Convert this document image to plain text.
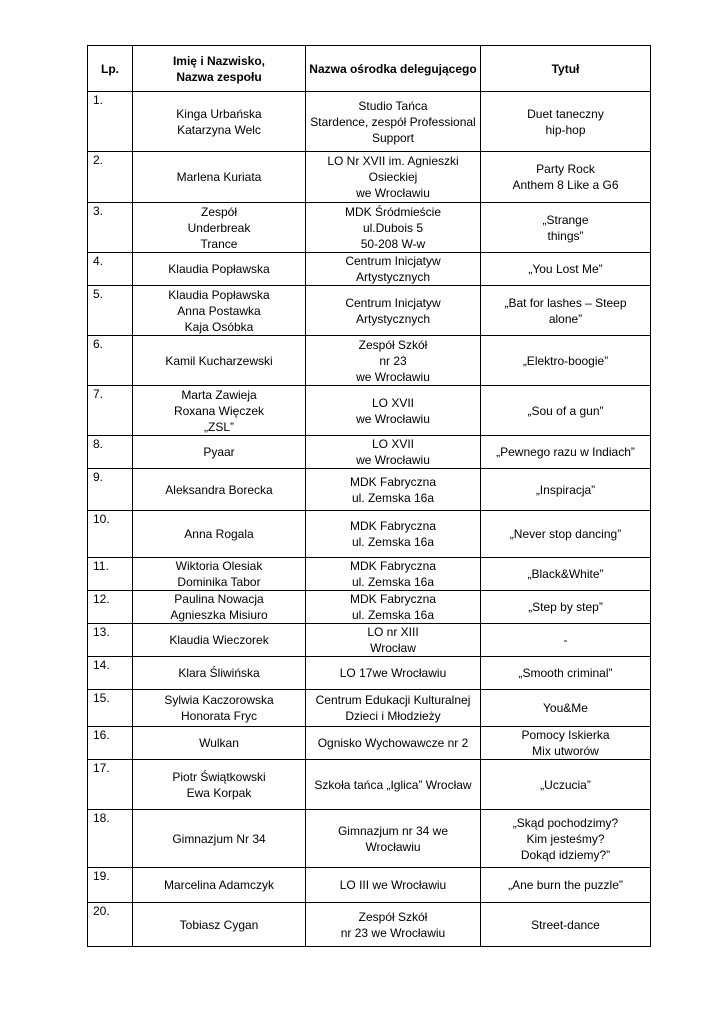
Lp.	Imię i Nazwisko,
Nazwa zespołu	Nazwa ośrodka delegującego	Tytuł
1.	Kinga Urbańska
Katarzyna Welc	Studio Tańca
Stardence, zespół Professional
Support	Duet taneczny
hip-hop
2.	Marlena Kuriata	LO Nr XVII im. Agnieszki
Osieckiej
we Wrocławiu	Party Rock
Anthem 8 Like a G6
3.	Zespół
Underbreak
Trance	MDK Śródmieście
ul.Dubois 5
50-208 W-w	„Strange
things”
4.	Klaudia Popławska	Centrum Inicjatyw
Artystycznych	„You Lost Me”
5.	Klaudia Popławska
Anna Postawka
Kaja Osóbka	Centrum Inicjatyw
Artystycznych	„Bat for lashes – Steep
alone”
6.	Kamil Kucharzewski	Zespół Szkół
nr 23
we Wrocławiu	„Elektro-boogie”
7.	Marta Zawieja
Roxana Więczek
„ZSL”	LO XVII
we Wrocławiu	„Sou of a gun”
8.	Pyaar	LO XVII
we Wrocławiu	„Pewnego razu w Indiach”
9.	Aleksandra Borecka	MDK Fabryczna
ul. Zemska 16a	„Inspiracja”
10.	Anna Rogala	MDK Fabryczna
ul. Zemska 16a	„Never stop dancing”
11.	Wiktoria Olesiak
Dominika Tabor	MDK Fabryczna
ul. Zemska 16a	„Black&White”
12.	Paulina Nowacja
Agnieszka Misiuro	MDK Fabryczna
ul. Zemska 16a	„Step by step”
13.	Klaudia Wieczorek	LO nr XIII
Wrocław	-
14.	Klara Śliwińska	LO 17we Wrocławiu	„Smooth criminal”
15.	Sylwia Kaczorowska
Honorata Fryc	Centrum Edukacji Kulturalnej
Dzieci i Młodzieży	You&Me
16.	Wulkan	Ognisko Wychowawcze nr 2	Pomocy Iskierka
Mix utworów
17.	Piotr Świątkowski
Ewa Korpak	Szkoła tańca „Iglica” Wrocław	„Uczucia”
18.	Gimnazjum Nr 34	Gimnazjum nr 34 we
Wrocławiu	„Skąd pochodzimy?
Kim jesteśmy?
Dokąd idziemy?”
19.	Marcelina Adamczyk	LO III we Wrocławiu	„Ane burn the puzzle”
20.	Tobiasz Cygan	Zespół Szkół
nr 23 we Wrocławiu	Street-dance
